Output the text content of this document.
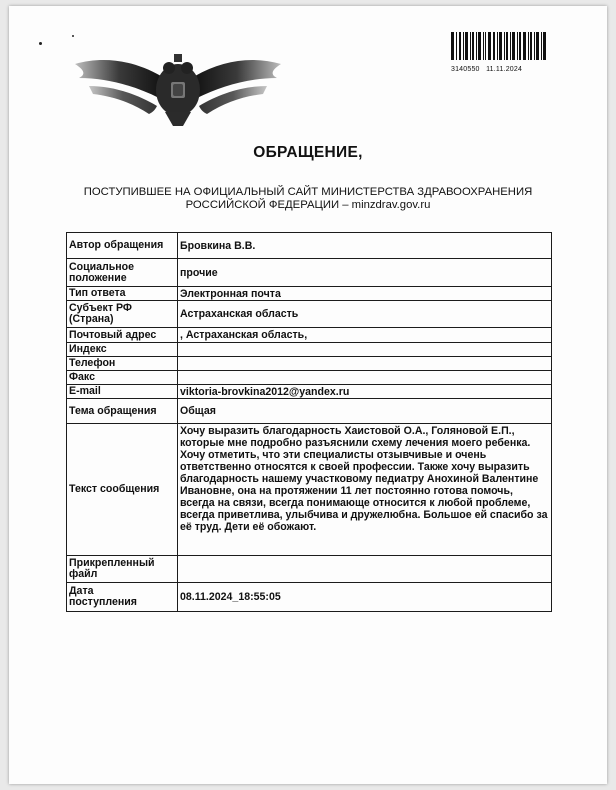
3140550 11.11.2024
ОБРАЩЕНИЕ,
ПОСТУПИВШЕЕ НА ОФИЦИАЛЬНЫЙ САЙТ МИНИСТЕРСТВА ЗДРАВООХРАНЕНИЯ
РОССИЙСКОЙ ФЕДЕРАЦИИ – minzdrav.gov.ru
Автор обращения	Бровкина В.В.

Социальное
положение	прочие
Тип ответа	Электронная почта

Субъект РФ
(Страна)	Астраханская область
Почтовый адрес	, Астраханская область,
Индекс	
Телефон	
Факс	
E-mail	viktoria-brovkina2012@yandex.ru
Тема обращения	Общая
Текст сообщения	Хочу выразить благодарность Хаистовой О.А., Голяновой Е.П., которые мне подробно разъяснили схему лечения моего ребенка. Хочу отметить, что эти специалисты отзывчивые и очень ответственно относятся к своей профессии. Также хочу выразить благодарность нашему участковому педиатру Анохиной Валентине Ивановне, она на протяжении 11 лет постоянно готова помочь, всегда на связи, всегда понимающе относится к любой проблеме, всегда приветлива, улыбчива и дружелюбна. Большое ей спасибо за её труд. Дети её обожают.

Прикрепленный
файл	

Дата
поступления	08.11.2024_18:55:05
